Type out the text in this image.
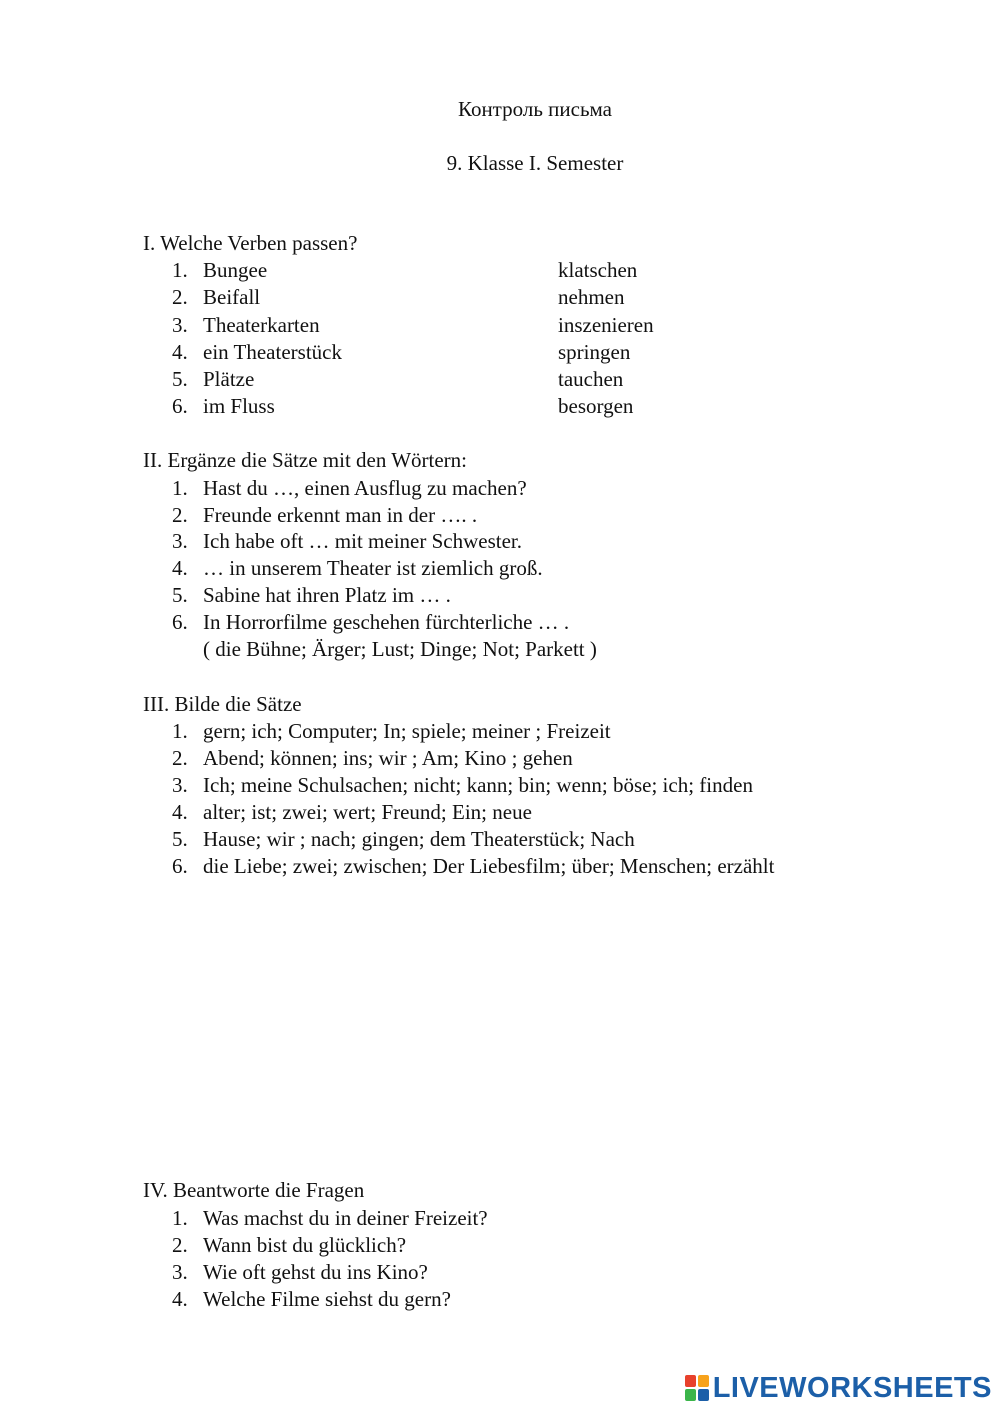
Контроль письма
9. Klasse I. Semester
I. Welche Verben passen?
1. Bungee	klatschen
2. Beifall	nehmen
3. Theaterkarten	inszenieren
4. ein Theaterstück	springen
5. Plätze	tauchen
6. im Fluss	besorgen
II. Ergänze die Sätze mit den Wörtern:
1. Hast du …, einen Ausflug zu machen?
2. Freunde erkennt man in der …. .
3. Ich habe oft … mit meiner Schwester.
4. … in unserem Theater ist ziemlich groß.
5. Sabine hat ihren Platz im … .
6. In Horrorfilme geschehen fürchterliche … .
( die Bühne; Ärger; Lust; Dinge; Not; Parkett )
III. Bilde die Sätze
1. gern; ich; Computer; In; spiele; meiner ; Freizeit
2. Abend; können; ins; wir ; Am; Kino ; gehen
3. Ich; meine Schulsachen; nicht; kann; bin; wenn; böse; ich; finden
4. alter; ist; zwei; wert; Freund; Ein; neue
5. Hause; wir ; nach; gingen; dem Theaterstück; Nach
6. die Liebe; zwei; zwischen; Der Liebesfilm; über; Menschen; erzählt
IV. Beantworte die Fragen
1. Was machst du in deiner Freizeit?
2. Wann bist du glücklich?
3. Wie oft gehst du ins Kino?
4. Welche Filme siehst du gern?
LIVEWORKSHEETS
